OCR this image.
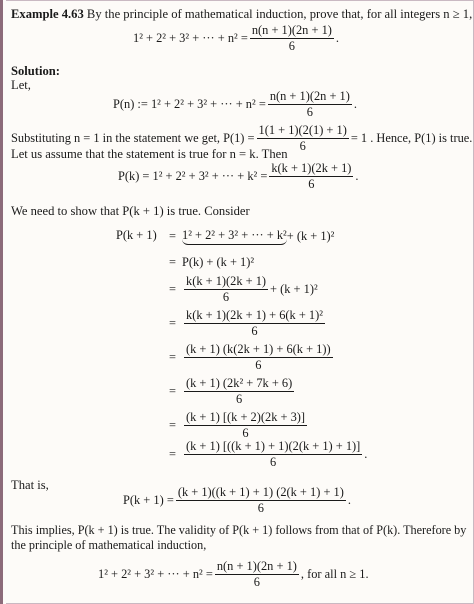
Example 4.63 By the principle of mathematical induction, prove that, for all integers n ≥ 1,
1² + 2² + 3² + ··· + $n^2 = \frac{n(n + 1)(2n + 1)}{6}$ .
Solution:
Let,
P(n) := 1² + 2² + 3² + ··· + $n^2 = \frac{n(n + 1)(2n + 1)}{6}$ .
Substituting n = 1 in the statement we get, $P(1) = \frac{1(1 + 1)(2(1) + 1)}{6} = 1$ . Hence, P(1) is true.
Let us assume that the statement is true for n = k. Then
P(k) = 1² + 2² + 3² + ··· + $k^2 = \frac{k(k + 1)(2k + 1)}{6}$ .
We need to show that P(k + 1) is true. Consider
P(k + 1) = 1² + 2² + 3² + ··· + k² + (k + 1)²
= P(k) + (k + 1)²
= $\frac{k(k + 1)(2k + 1)}{6} + (k + 1)^2$
= $\frac{\text{k(k + 1)(2k + 1) + 6(k + 1)²}}{6}$
= $\frac{(k + 1) (k(2k + 1) + 6(k + 1))}{6}$
= $\frac{\text{(k + 1) (2k² + 7k + 6)}}{6}$
= $\frac{(k + 1) [(k + 2)(2k + 3)]}{6}$
= $\frac{(k + 1) [((k + 1) + 1)(2(k + 1) + 1)]}{6}$ .
That is,
$P(k + 1) = \frac{(k + 1)((k + 1) + 1) (2(k + 1) + 1)}{6}$ .
This implies, P(k + 1) is true. The validity of P(k + 1) follows from that of P(k). Therefore by
the principle of mathematical induction,
1² + 2² + 3² + ··· + $n^2 = \frac{n(n + 1)(2n + 1)}{6}$ , for all n ≥ 1.
